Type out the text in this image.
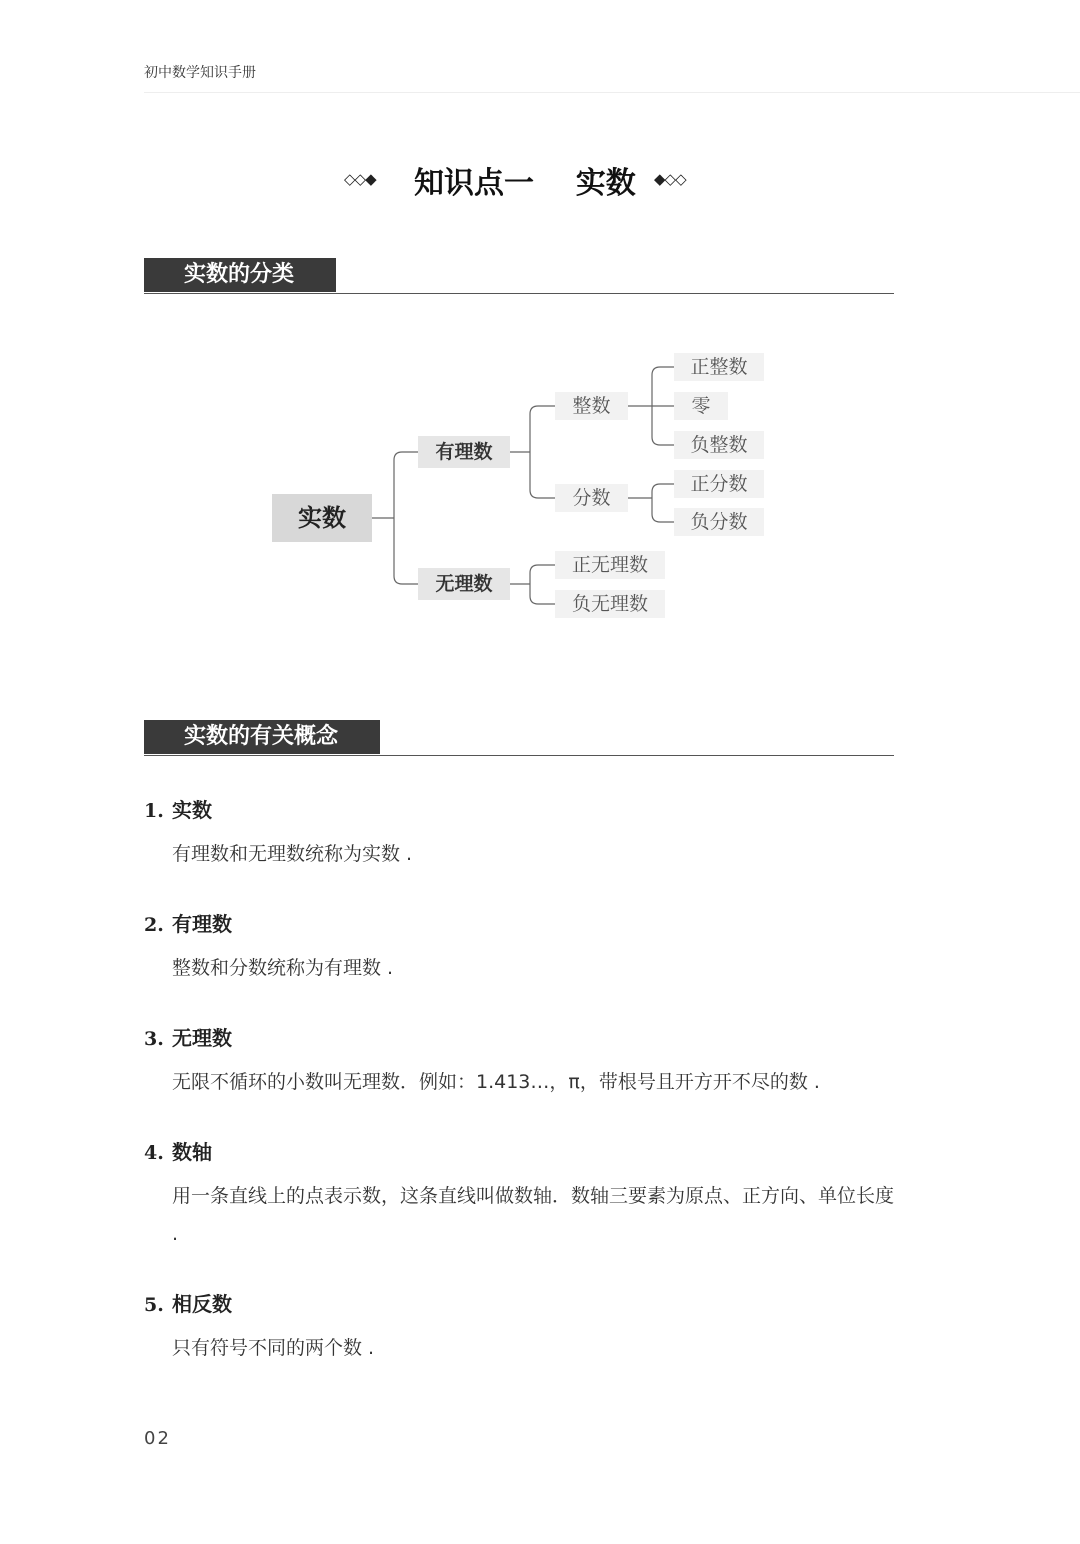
初中数学知识手册
◇◇◆ 知识点一    实数 ◆◇◇
实数的分类
实数
有理数
无理数
整数
分数
正整数
零
负整数
正分数
负分数
正无理数
负无理数
实数的有关概念
1. 实数
有理数和无理数统称为实数 .
2. 有理数
整数和分数统称为有理数 .
3. 无理数
无限不循环的小数叫无理数．例如：1.413…，π，带根号且开方开不尽的数 .
4. 数轴
用一条直线上的点表示数，这条直线叫做数轴．数轴三要素为原点、正方向、单位长度 .
5. 相反数
只有符号不同的两个数 .
02
